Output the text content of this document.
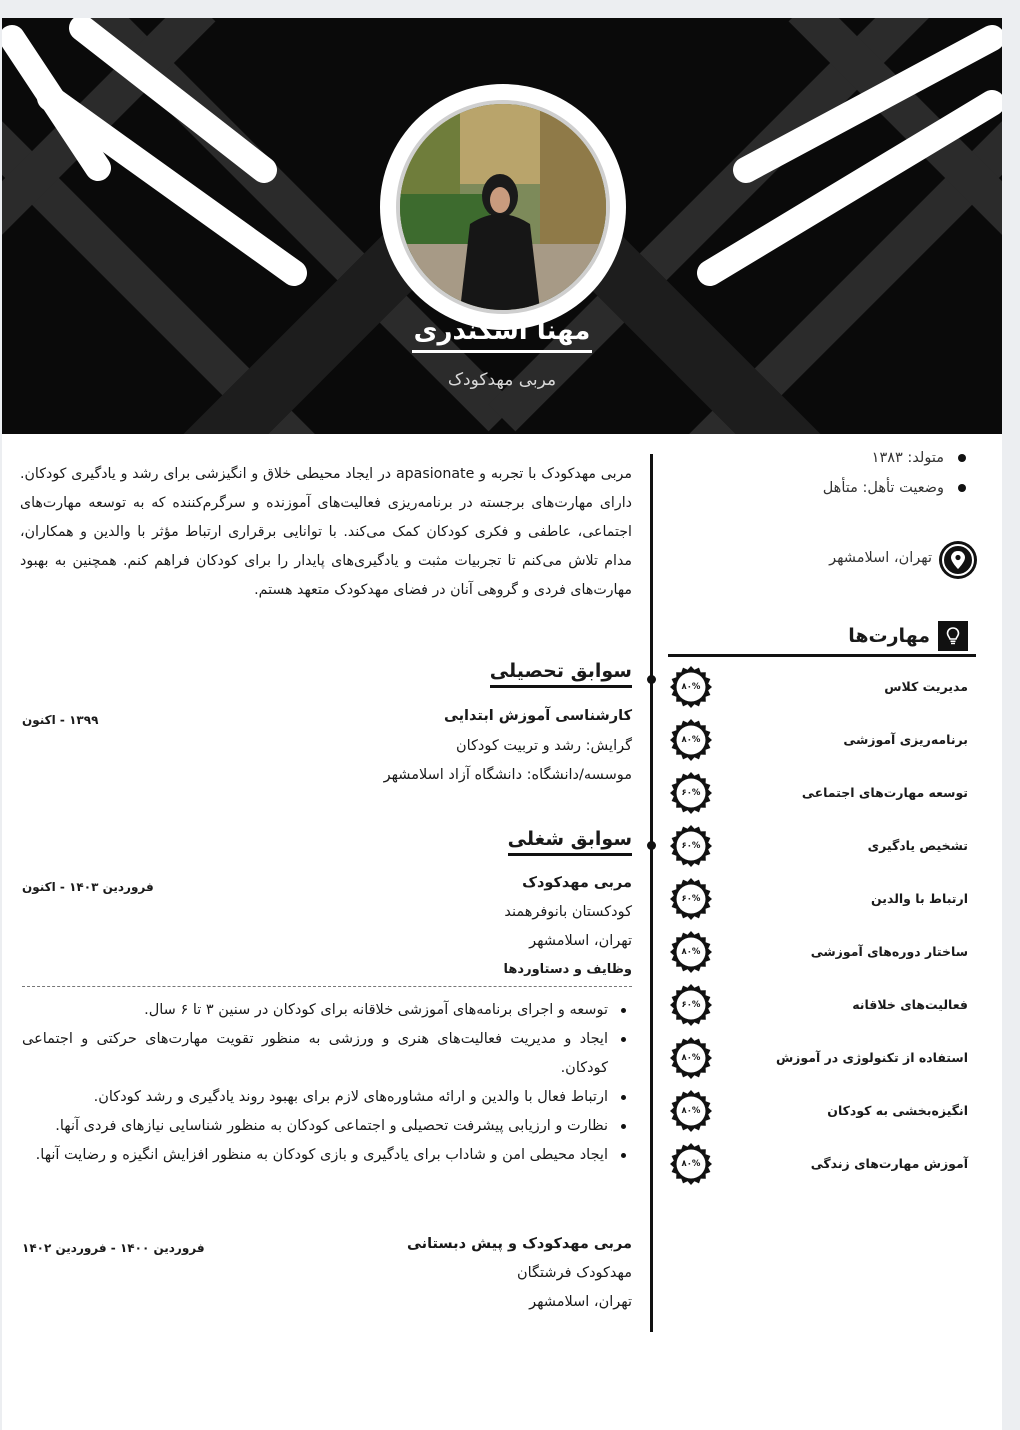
مهنا اسکندری
مربی مهدکودک
مربی مهدکودک با تجربه و apasionate در ایجاد محیطی خلاق و انگیزشی برای رشد و یادگیری کودکان. دارای مهارت‌های برجسته در برنامه‌ریزی فعالیت‌های آموزنده و سرگرم‌کننده که به توسعه مهارت‌های اجتماعی، عاطفی و فکری کودکان کمک می‌کند. با توانایی برقراری ارتباط مؤثر با والدین و همکاران، مدام تلاش می‌کنم تا تجربیات مثبت و یادگیری‌های پایدار را برای کودکان فراهم کنم. همچنین به بهبود مهارت‌های فردی و گروهی آنان در فضای مهدکودک متعهد هستم.
سوابق تحصیلی
کارشناسی آموزش ابتدایی
۱۳۹۹ - اکنون
گرایش: رشد و تربیت کودکان
موسسه/دانشگاه: دانشگاه آزاد اسلامشهر
سوابق شغلی
مربی مهدکودک
فروردین ۱۴۰۳ - اکنون
کودکستان بانوفرهمند
تهران، اسلامشهر
وظایف و دستاوردها
توسعه و اجرای برنامه‌های آموزشی خلاقانه برای کودکان در سنین ۳ تا ۶ سال.
ایجاد و مدیریت فعالیت‌های هنری و ورزشی به منظور تقویت مهارت‌های حرکتی و اجتماعی کودکان.
ارتباط فعال با والدین و ارائه مشاوره‌های لازم برای بهبود روند یادگیری و رشد کودکان.
نظارت و ارزیابی پیشرفت تحصیلی و اجتماعی کودکان به منظور شناسایی نیازهای فردی آنها.
ایجاد محیطی امن و شاداب برای یادگیری و بازی کودکان به منظور افزایش انگیزه و رضایت آنها.
مربی مهدکودک و پیش دبستانی
فروردین ۱۴۰۰ - فروردین ۱۴۰۲
مهدکودک فرشتگان
تهران، اسلامشهر
متولد: ۱۳۸۳
وضعیت تأهل: متأهل
تهران، اسلامشهر
مهارت‌ها
مدیریت کلاس
۸۰%
برنامه‌ریزی آموزشی
۸۰%
توسعه مهارت‌های اجتماعی
۶۰%
تشخیص یادگیری
۶۰%
ارتباط با والدین
۶۰%
ساختار دوره‌های آموزشی
۸۰%
فعالیت‌های خلاقانه
۶۰%
استفاده از تکنولوژی در آموزش
۸۰%
انگیزه‌بخشی به کودکان
۸۰%
آموزش مهارت‌های زندگی
۸۰%
